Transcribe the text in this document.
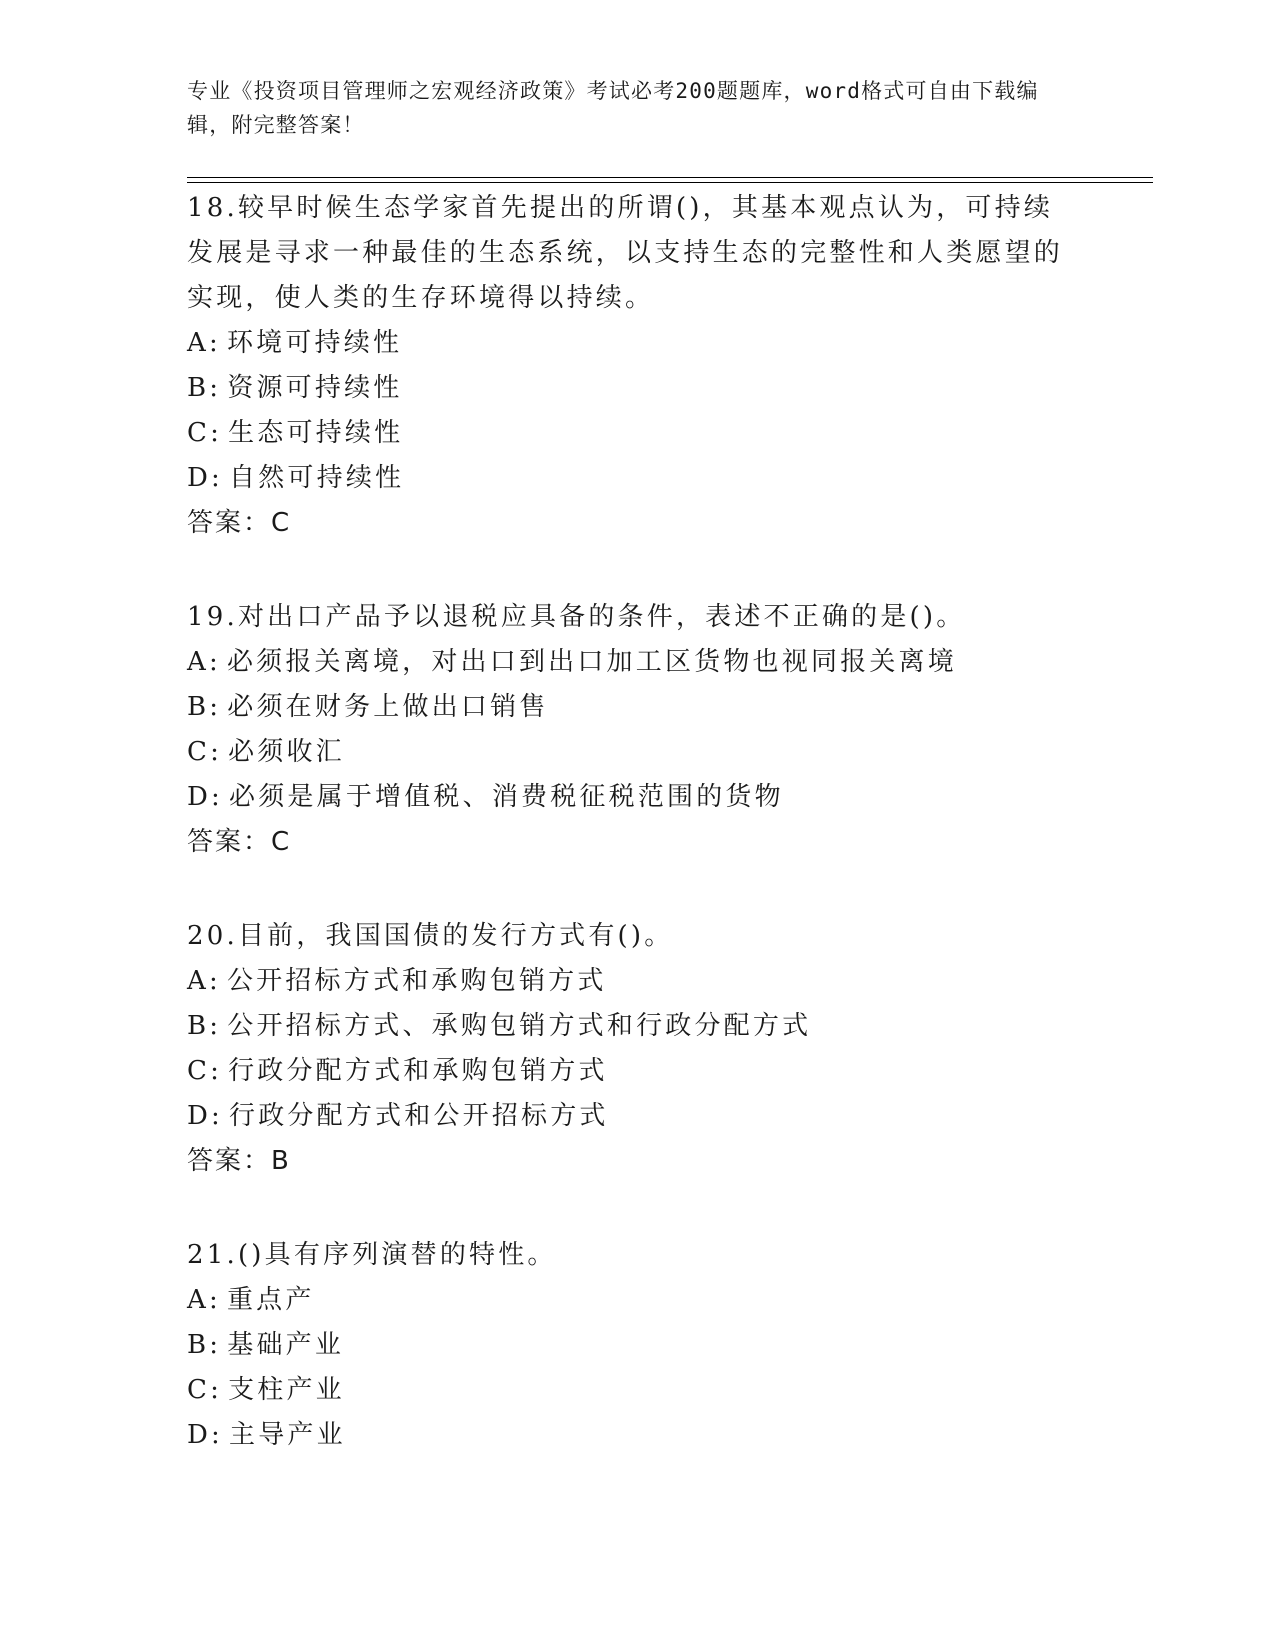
专业《投资项目管理师之宏观经济政策》考试必考200题题库，word格式可自由下载编辑，附完整答案！
18.较早时候生态学家首先提出的所谓()，其基本观点认为，可持续发展是寻求一种最佳的生态系统，以支持生态的完整性和人类愿望的实现，使人类的生存环境得以持续。
A: 环境可持续性
B: 资源可持续性
C: 生态可持续性
D: 自然可持续性
答案：C
19.对出口产品予以退税应具备的条件，表述不正确的是()。
A: 必须报关离境，对出口到出口加工区货物也视同报关离境
B: 必须在财务上做出口销售
C: 必须收汇
D: 必须是属于增值税、消费税征税范围的货物
答案：C
20.目前，我国国债的发行方式有()。
A: 公开招标方式和承购包销方式
B: 公开招标方式、承购包销方式和行政分配方式
C: 行政分配方式和承购包销方式
D: 行政分配方式和公开招标方式
答案：B
21.()具有序列演替的特性。
A: 重点产
B: 基础产业
C: 支柱产业
D: 主导产业
